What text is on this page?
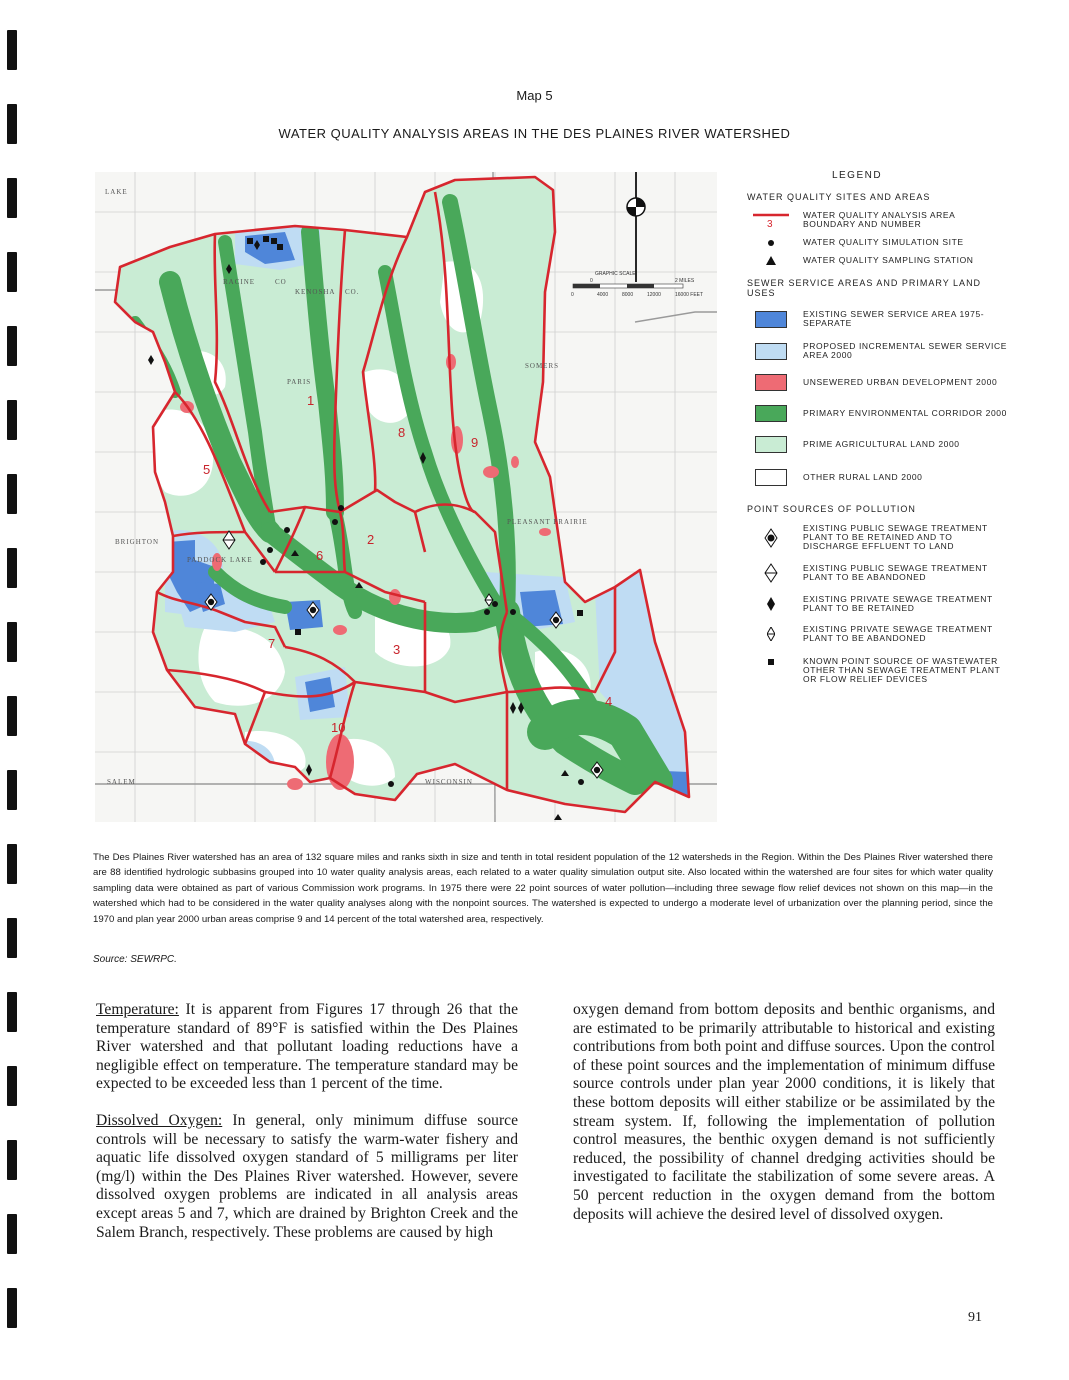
Map 5
WATER QUALITY ANALYSIS AREAS IN THE DES PLAINES RIVER WATERSHED
1
2
3
4
5
6
7
8
9
10
RACINE	CO
KENOSHA CO.
PARIS
SOMERS
PLEASANT PRAIRIE
WISCONSIN
SALEM
BRIGHTON
PADDOCK LAKE
LAKE
GRAPHIC SCALE
0	2 MILES
0	4000	8000	12000	16000 FEET
LEGEND
WATER QUALITY SITES AND AREAS
3
WATER QUALITY ANALYSIS AREA BOUNDARY AND NUMBER
WATER QUALITY SIMULATION SITE
WATER QUALITY SAMPLING STATION
SEWER SERVICE AREAS AND PRIMARY LAND USES
EXISTING SEWER SERVICE AREA 1975-SEPARATE
PROPOSED INCREMENTAL SEWER SERVICE AREA 2000
UNSEWERED URBAN DEVELOPMENT 2000
PRIMARY ENVIRONMENTAL CORRIDOR 2000
PRIME AGRICULTURAL LAND 2000
OTHER RURAL LAND 2000
POINT SOURCES OF POLLUTION
EXISTING PUBLIC SEWAGE TREATMENT PLANT TO BE RETAINED AND TO DISCHARGE EFFLUENT TO LAND
EXISTING PUBLIC SEWAGE TREATMENT PLANT TO BE ABANDONED
EXISTING PRIVATE SEWAGE TREATMENT PLANT TO BE RETAINED
EXISTING PRIVATE SEWAGE TREATMENT PLANT TO BE ABANDONED
KNOWN POINT SOURCE OF WASTEWATER OTHER THAN SEWAGE TREATMENT PLANT OR FLOW RELIEF DEVICES
The Des Plaines River watershed has an area of 132 square miles and ranks sixth in size and tenth in total resident population of the 12 watersheds in the Region. Within the Des Plaines River watershed there are 88 identified hydrologic subbasins grouped into 10 water quality analysis areas, each related to a water quality simulation output site. Also located within the watershed are four sites for which water quality sampling data were obtained as part of various Commission work programs. In 1975 there were 22 point sources of water pollution—including three sewage flow relief devices not shown on this map—in the watershed which had to be considered in the water quality analyses along with the nonpoint sources. The watershed is expected to undergo a moderate level of urbanization over the planning period, since the 1970 and plan year 2000 urban areas comprise 9 and 14 percent of the total watershed area, respectively.
Source: SEWRPC.

Temperature: It is apparent from Figures 17 through 26 that the temperature standard of 89°F is satisfied within the Des Plaines River watershed and that pollutant loading reductions have a negligible effect on temperature. The temperature standard may be expected to be exceeded less than 1 percent of the time.

Dissolved Oxygen: In general, only minimum diffuse source controls will be necessary to satisfy the warm-water fishery and aquatic life dissolved oxygen standard of 5 milligrams per liter (mg/l) within the Des Plaines River watershed. However, severe dissolved oxygen problems are indicated in all analysis areas except areas 5 and 7, which are drained by Brighton Creek and the Salem Branch, respectively. These problems are caused by high

oxygen demand from bottom deposits and benthic organisms, and are estimated to be primarily attributable to historical and existing contributions from both point and diffuse sources. Upon the control of these point sources and the implementation of minimum diffuse source controls under plan year 2000 conditions, it is likely that these bottom deposits will either stabilize or be assimilated by the stream system. If, following the implementation of pollution control measures, the benthic oxygen demand is not sufficiently reduced, the possibility of channel dredging activities should be investigated to facilitate the stabilization of some severe areas. A 50 percent reduction in the oxygen demand from the bottom deposits will achieve the desired level of dissolved oxygen.

91
